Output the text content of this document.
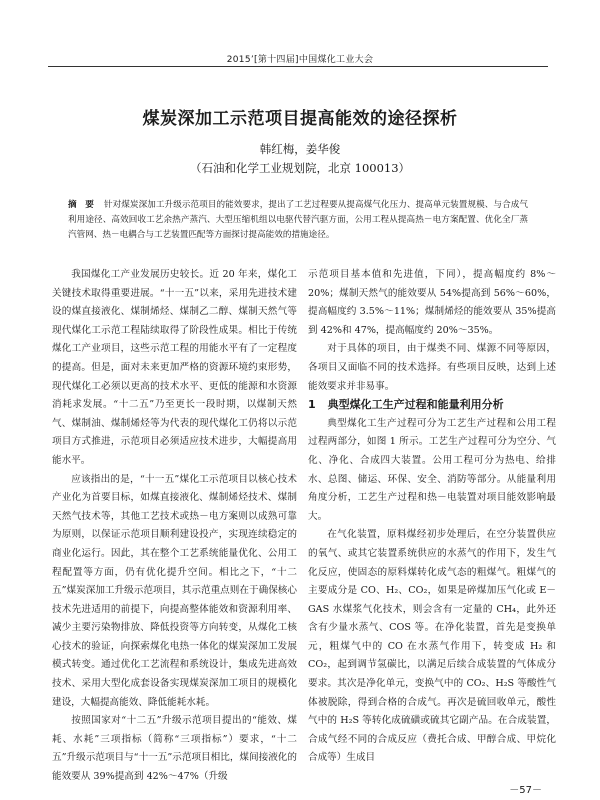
2015’[第十四届]中国煤化工业大会
煤炭深加工示范项目提高能效的途径探析
韩红梅，姜华俊
（石油和化学工业规划院，北京 100013）
摘　要 针对煤炭深加工升级示范项目的能效要求，提出了工艺过程要从提高煤气化压力、提高单元装置规模、与合成气利用途径、高效回收工艺余热产蒸汽、大型压缩机组以电驱代替汽驱方面，公用工程从提高热－电方案配置、优化全厂蒸汽管网、热－电耦合与工艺装置匹配等方面探讨提高能效的措施途径。

我国煤化工产业发展历史较长。近 20 年来，煤化工关键技术取得重要进展。“十一五”以来，采用先进技术建设的煤直接液化、煤制烯烃、煤制乙二醇、煤制天然气等现代煤化工示范工程陆续取得了阶段性成果。相比于传统煤化工产业项目，这些示范工程的用能水平有了一定程度的提高。但是，面对未来更加严格的资源环境约束形势，现代煤化工必须以更高的技术水平、更低的能源和水资源消耗求发展。“十二五”乃至更长一段时期，以煤制天然气、煤制油、煤制烯烃等为代表的现代煤化工仍将以示范项目方式推进，示范项目必须适应技术进步，大幅提高用能水平。

应该指出的是，“十一五”煤化工示范项目以核心技术产业化为首要目标，如煤直接液化、煤制烯烃技术、煤制天然气技术等，其他工艺技术或热－电方案则以成熟可靠为原则，以保证示范项目顺利建设投产，实现连续稳定的商业化运行。因此，其在整个工艺系统能量优化、公用工程配置等方面，仍有优化提升空间。相比之下，“十二五”煤炭深加工升级示范项目，其示范重点则在于确保核心技术先进适用的前提下，向提高整体能效和资源利用率、减少主要污染物排放、降低投资等方向转变，从煤化工核心技术的验证，向探索煤化电热一体化的煤炭深加工发展模式转变。通过优化工艺流程和系统设计，集成先进高效技术、采用大型化成套设备实现煤炭深加工项目的规模化建设，大幅提高能效、降低能耗水耗。

按照国家对“十二五”升级示范项目提出的“能效、煤耗、水耗”三项指标（简称“三项指标”）要求，“十二五”升级示范项目与“十一五”示范项目相比，煤间接液化的能效要从 39%提高到 42%～47%（升级

示范项目基本值和先进值，下同），提高幅度约 8%～20%；煤制天然气的能效要从 54%提高到 56%～60%，提高幅度约 3.5%～11%；煤制烯烃的能效要从 35%提高到 42%和 47%，提高幅度约 20%～35%。

对于具体的项目，由于煤类不同、煤源不同等原因，各项目又面临不同的技术选择。有些项目反映，达到上述能效要求并非易事。

1 典型煤化工生产过程和能量利用分析

典型煤化工生产过程可分为工艺生产过程和公用工程过程两部分，如图 1 所示。工艺生产过程可分为空分、气化、净化、合成四大装置。公用工程可分为热电、给排水、总图、储运、环保、安全、消防等部分。从能量利用角度分析，工艺生产过程和热－电装置对项目能效影响最大。

在气化装置，原料煤经初步处理后，在空分装置供应的氧气、或其它装置系统供应的水蒸气的作用下，发生气化反应，使固态的原料煤转化成气态的粗煤气。粗煤气的主要成分是 CO、H₂、CO₂，如果是碎煤加压气化或 E－GAS 水煤浆气化技术，则会含有一定量的 CH₄，此外还含有少量水蒸气、COS 等。在净化装置，首先是变换单元，粗煤气中的 CO 在水蒸气作用下，转变成 H₂ 和 CO₂，起到调节氢碳比，以满足后续合成装置的气体成分要求。其次是净化单元，变换气中的 CO₂、H₂S 等酸性气体被脱除，得到合格的合成气。再次是硫回收单元，酸性气中的 H₂S 等转化成硫磺或硫其它副产品。在合成装置，合成气经不同的合成反应（费托合成、甲醇合成、甲烷化合成等）生成目

－57－
